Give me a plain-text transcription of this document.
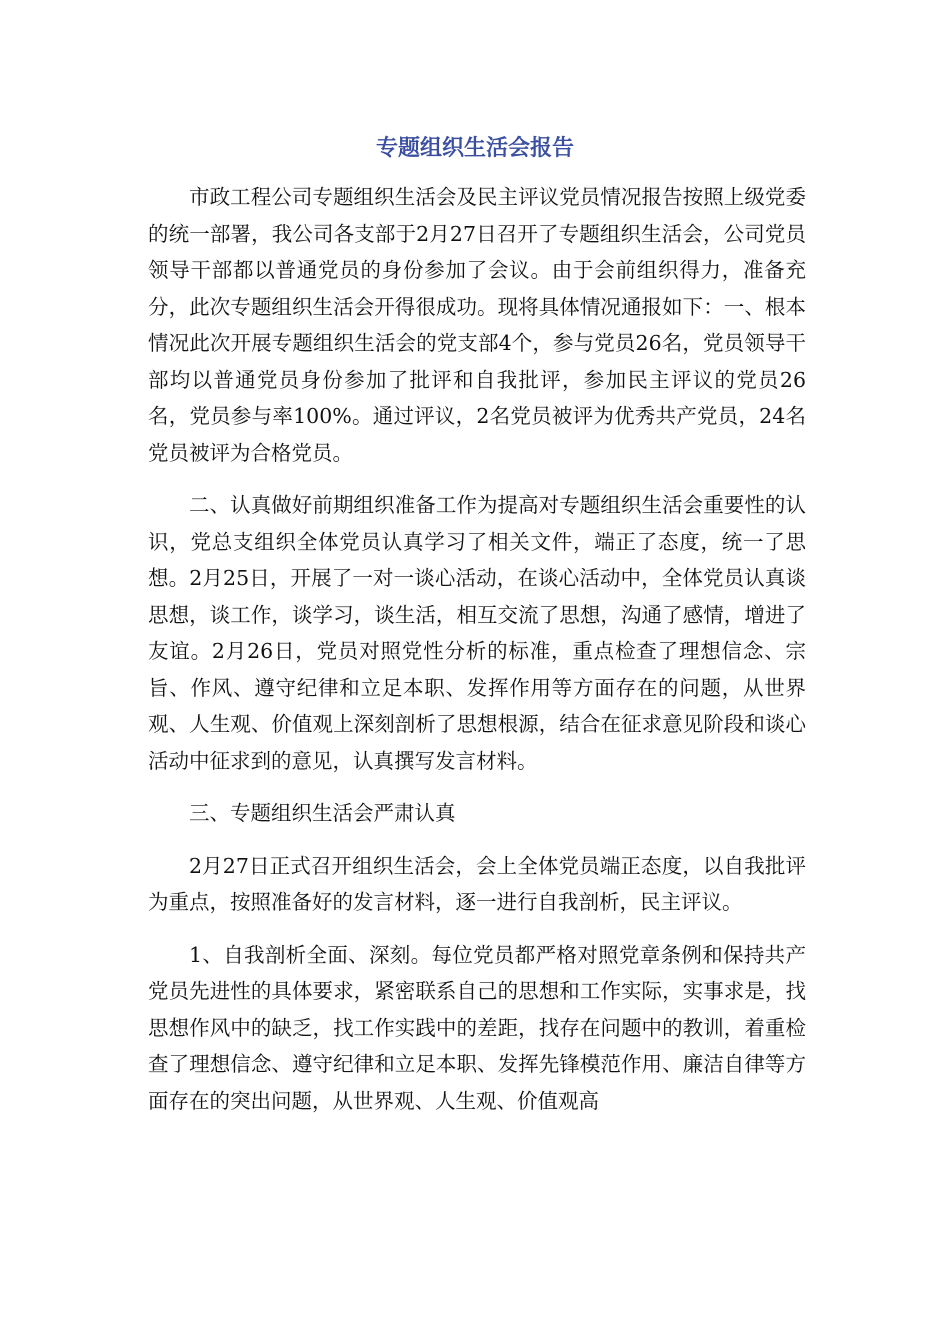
专题组织生活会报告

市政工程公司专题组织生活会及民主评议党员情况报告按照上级党委的统一部署，我公司各支部于2月27日召开了专题组织生活会，公司党员领导干部都以普通党员的身份参加了会议。由于会前组织得力，准备充分，此次专题组织生活会开得很成功。现将具体情况通报如下：一、根本情况此次开展专题组织生活会的党支部4个，参与党员26名，党员领导干部均以普通党员身份参加了批评和自我批评，参加民主评议的党员26名，党员参与率100%。通过评议，2名党员被评为优秀共产党员，24名党员被评为合格党员。

二、认真做好前期组织准备工作为提高对专题组织生活会重要性的认识，党总支组织全体党员认真学习了相关文件，端正了态度，统一了思想。2月25日，开展了一对一谈心活动，在谈心活动中，全体党员认真谈思想，谈工作，谈学习，谈生活，相互交流了思想，沟通了感情，增进了友谊。2月26日，党员对照党性分析的标准，重点检查了理想信念、宗旨、作风、遵守纪律和立足本职、发挥作用等方面存在的问题，从世界观、人生观、价值观上深刻剖析了思想根源，结合在征求意见阶段和谈心活动中征求到的意见，认真撰写发言材料。

三、专题组织生活会严肃认真

2月27日正式召开组织生活会，会上全体党员端正态度，以自我批评为重点，按照准备好的发言材料，逐一进行自我剖析，民主评议。

1、自我剖析全面、深刻。每位党员都严格对照党章条例和保持共产党员先进性的具体要求，紧密联系自己的思想和工作实际，实事求是，找思想作风中的缺乏，找工作实践中的差距，找存在问题中的教训，着重检查了理想信念、遵守纪律和立足本职、发挥先锋模范作用、廉洁自律等方面存在的突出问题，从世界观、人生观、价值观高
